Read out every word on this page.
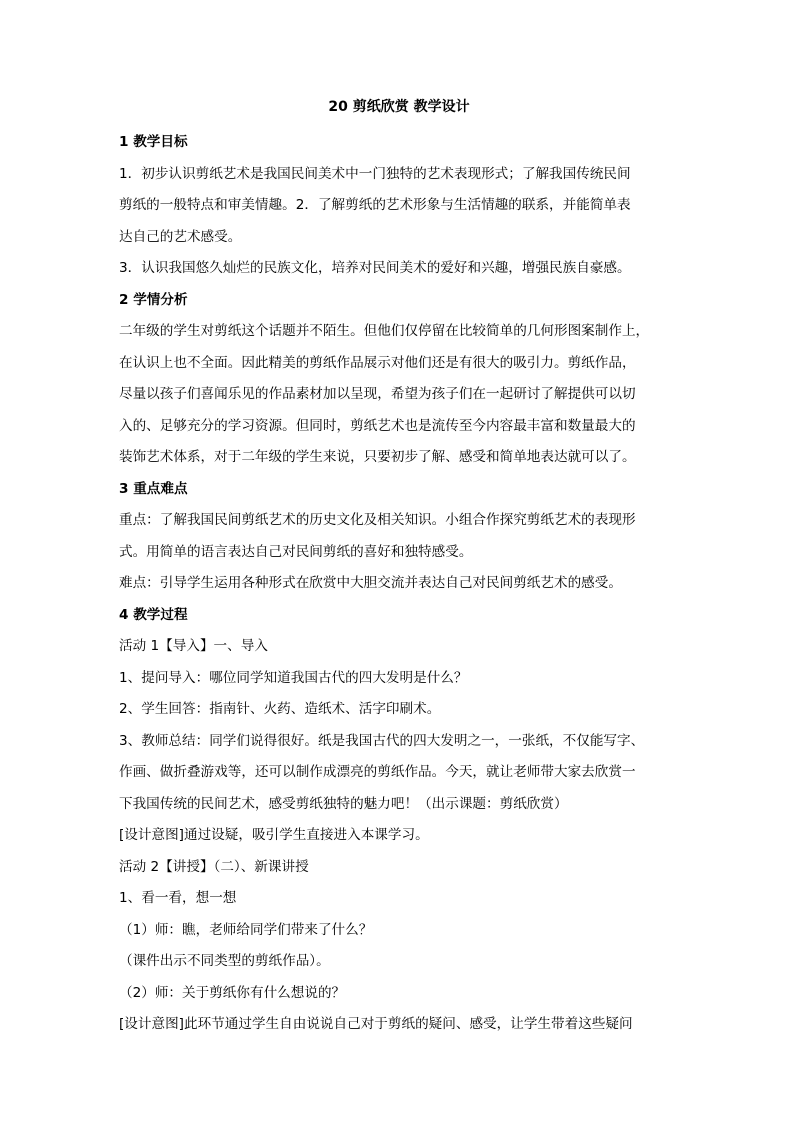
20 剪纸欣赏 教学设计
1 教学目标
1．初步认识剪纸艺术是我国民间美术中一门独特的艺术表现形式；了解我国传统民间
剪纸的一般特点和审美情趣。2．了解剪纸的艺术形象与生活情趣的联系，并能简单表
达自己的艺术感受。
3．认识我国悠久灿烂的民族文化，培养对民间美术的爱好和兴趣，增强民族自豪感。
2 学情分析
二年级的学生对剪纸这个话题并不陌生。但他们仅停留在比较简单的几何形图案制作上，
在认识上也不全面。因此精美的剪纸作品展示对他们还是有很大的吸引力。剪纸作品，
尽量以孩子们喜闻乐见的作品素材加以呈现，希望为孩子们在一起研讨了解提供可以切
入的、足够充分的学习资源。但同时，剪纸艺术也是流传至今内容最丰富和数量最大的
装饰艺术体系，对于二年级的学生来说，只要初步了解、感受和简单地表达就可以了。
3 重点难点
重点：了解我国民间剪纸艺术的历史文化及相关知识。小组合作探究剪纸艺术的表现形
式。用简单的语言表达自己对民间剪纸的喜好和独特感受。
难点：引导学生运用各种形式在欣赏中大胆交流并表达自己对民间剪纸艺术的感受。
4 教学过程
活动 1【导入】一、导入
1、提问导入：哪位同学知道我国古代的四大发明是什么？
2、学生回答：指南针、火药、造纸术、活字印刷术。
3、教师总结：同学们说得很好。纸是我国古代的四大发明之一，一张纸，不仅能写字、
作画、做折叠游戏等，还可以制作成漂亮的剪纸作品。今天，就让老师带大家去欣赏一
下我国传统的民间艺术，感受剪纸独特的魅力吧！（出示课题：剪纸欣赏）
[设计意图]通过设疑，吸引学生直接进入本课学习。
活动 2【讲授】（二）、新课讲授
1、看一看，想一想
（1）师：瞧，老师给同学们带来了什么？
（课件出示不同类型的剪纸作品）。
（2）师：关于剪纸你有什么想说的？
[设计意图]此环节通过学生自由说说自己对于剪纸的疑问、感受，让学生带着这些疑问
